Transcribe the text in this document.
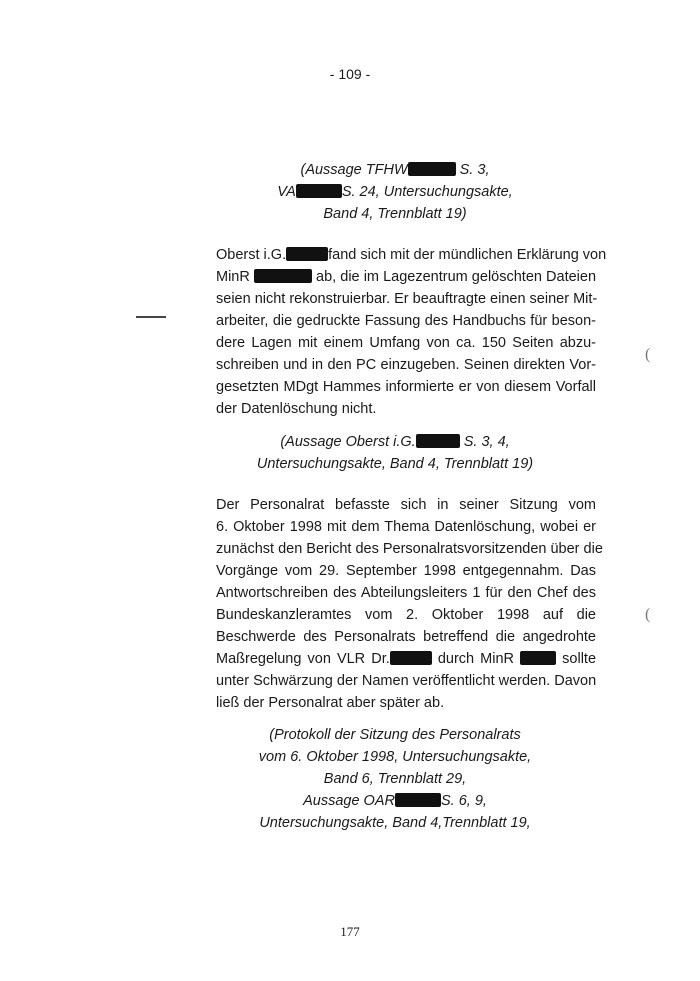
- 109 -
(Aussage TFHW	S. 3,
VA	S. 24, Untersuchungsakte,
Band 4, Trennblatt 19)
Oberst i.G.	fand sich mit der mündlichen Erklärung von
MinR	ab, die im Lagezentrum gelöschten Dateien
seien nicht rekonstruierbar. Er beauftragte einen seiner Mit-
arbeiter, die gedruckte Fassung des Handbuchs für beson-
dere Lagen mit einem Umfang von ca. 150 Seiten abzu-
schreiben und in den PC einzugeben. Seinen direkten Vor-
gesetzten MDgt Hammes informierte er von diesem Vorfall
der Datenlöschung nicht.
(Aussage Oberst i.G.	S. 3, 4,
Untersuchungsakte, Band 4, Trennblatt 19)
Der Personalrat befasste sich in seiner Sitzung vom
6. Oktober 1998 mit dem Thema Datenlöschung, wobei er
zunächst den Bericht des Personalratsvorsitzenden über die
Vorgänge vom 29. September 1998 entgegennahm. Das
Antwortschreiben des Abteilungsleiters 1 für den Chef des
Bundeskanzleramtes vom 2. Oktober 1998 auf die
Beschwerde des Personalrats betreffend die angedrohte
Maßregelung von VLR Dr.	durch MinR	sollte
unter Schwärzung der Namen veröffentlicht werden. Davon
ließ der Personalrat aber später ab.
(Protokoll der Sitzung des Personalrats
vom 6. Oktober 1998, Untersuchungsakte,
Band 6, Trennblatt 29,
Aussage OAR	S. 6, 9,
Untersuchungsakte, Band 4,Trennblatt 19,
177
(
(
